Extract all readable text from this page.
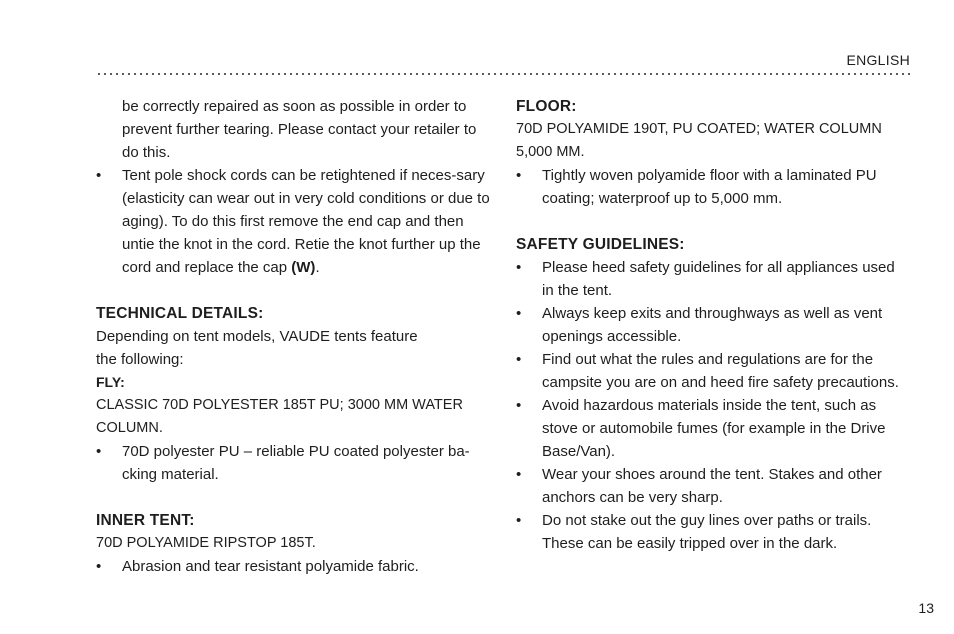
ENGLISH
be correctly repaired as soon as possible in order to prevent further tearing. Please contact your retailer to do this.
• Tent pole shock cords can be retightened if neces-sary (elasticity can wear out in very cold conditions or due to aging). To do this first remove the end cap and then untie the knot in the cord. Retie the knot further up the cord and replace the cap (W).
TECHNICAL DETAILS:
Depending on tent models, VAUDE tents feature
the following:
FLY:
CLASSIC 70D POLYESTER 185T PU; 3000 MM WATER COLUMN.
• 70D polyester PU – reliable PU coated polyester ba-cking material.
INNER TENT:
70D POLYAMIDE RIPSTOP 185T.
• Abrasion and tear resistant polyamide fabric.
FLOOR:
70D POLYAMIDE 190T, PU COATED; WATER COLUMN 5,000 MM.
• Tightly woven polyamide floor with a laminated PU coating; waterproof up to 5,000 mm.
SAFETY GUIDELINES:
• Please heed safety guidelines for all appliances used in the tent.
• Always keep exits and throughways as well as vent openings accessible.
• Find out what the rules and regulations are for the campsite you are on and heed fire safety precautions.
• Avoid hazardous materials inside the tent, such as stove or automobile fumes (for example in the Drive Base/Van).
• Wear your shoes around the tent. Stakes and other anchors can be very sharp.
• Do not stake out the guy lines over paths or trails. These can be easily tripped over in the dark.
13
